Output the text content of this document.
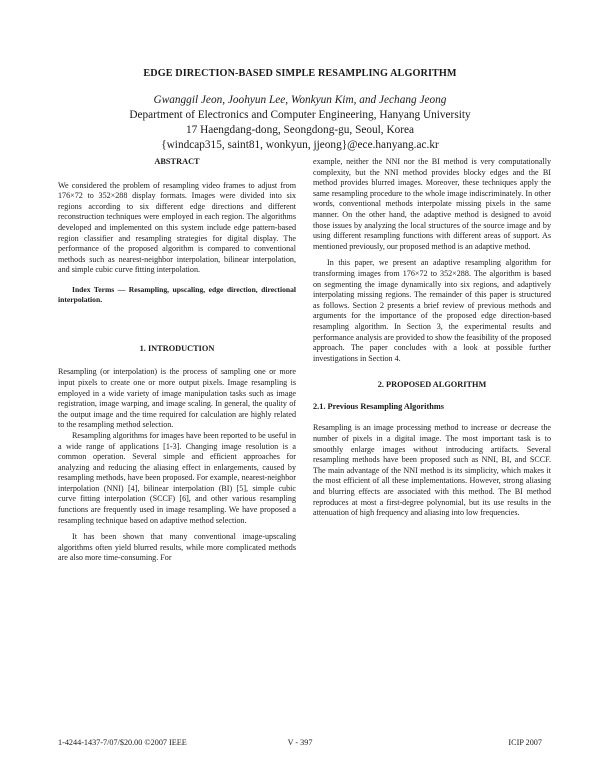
EDGE DIRECTION-BASED SIMPLE RESAMPLING ALGORITHM
Gwanggil Jeon, Joohyun Lee, Wonkyun Kim, and Jechang Jeong
Department of Electronics and Computer Engineering, Hanyang University
17 Haengdang-dong, Seongdong-gu, Seoul, Korea
{windcap315, saint81, wonkyun, jjeong}@ece.hanyang.ac.kr

ABSTRACT

We considered the problem of resampling video frames to adjust from 176×72 to 352×288 display formats. Images were divided into six regions according to six different edge directions and different reconstruction techniques were employed in each region. The algorithms developed and implemented on this system include edge pattern-based region classifier and resampling strategies for digital display. The performance of the proposed algorithm is compared to conventional methods such as nearest-neighbor interpolation, bilinear interpolation, and simple cubic curve fitting interpolation.

Index Terms — Resampling, upscaling, edge direction, directional interpolation.

1. INTRODUCTION

Resampling (or interpolation) is the process of sampling one or more input pixels to create one or more output pixels. Image resampling is employed in a wide variety of image manipulation tasks such as image registration, image warping, and image scaling. In general, the quality of the output image and the time required for calculation are highly related to the resampling method selection.

Resampling algorithms for images have been reported to be useful in a wide range of applications [1-3]. Changing image resolution is a common operation. Several simple and efficient approaches for analyzing and reducing the aliasing effect in enlargements, caused by resampling methods, have been proposed. For example, nearest-neighbor interpolation (NNI) [4], bilinear interpolation (BI) [5], simple cubic curve fitting interpolation (SCCF) [6], and other various resampling functions are frequently used in image resampling. We have proposed a resampling technique based on adaptive method selection.

It has been shown that many conventional image-upscaling algorithms often yield blurred results, while more complicated methods are also more time-consuming. For

example, neither the NNI nor the BI method is very computationally complexity, but the NNI method provides blocky edges and the BI method provides blurred images. Moreover, these techniques apply the same resampling procedure to the whole image indiscriminately. In other words, conventional methods interpolate missing pixels in the same manner. On the other hand, the adaptive method is designed to avoid those issues by analyzing the local structures of the source image and by using different resampling functions with different areas of support. As mentioned previously, our proposed method is an adaptive method.

In this paper, we present an adaptive resampling algorithm for transforming images from 176×72 to 352×288. The algorithm is based on segmenting the image dynamically into six regions, and adaptively interpolating missing regions. The remainder of this paper is structured as follows. Section 2 presents a brief review of previous methods and arguments for the importance of the proposed edge direction-based resampling algorithm. In Section 3, the experimental results and performance analysis are provided to show the feasibility of the proposed approach. The paper concludes with a look at possible further investigations in Section 4.

2. PROPOSED ALGORITHM

2.1. Previous Resampling Algorithms

Resampling is an image processing method to increase or decrease the number of pixels in a digital image. The most important task is to smoothly enlarge images without introducing artifacts. Several resampling methods have been proposed such as NNI, BI, and SCCF. The main advantage of the NNI method is its simplicity, which makes it the most efficient of all these implementations. However, strong aliasing and blurring effects are associated with this method. The BI method reproduces at most a first-degree polynomial, but its use results in the attenuation of high frequency and aliasing into low frequencies.

1-4244-1437-7/07/$20.00 ©2007 IEEE	V - 397	ICIP 2007
